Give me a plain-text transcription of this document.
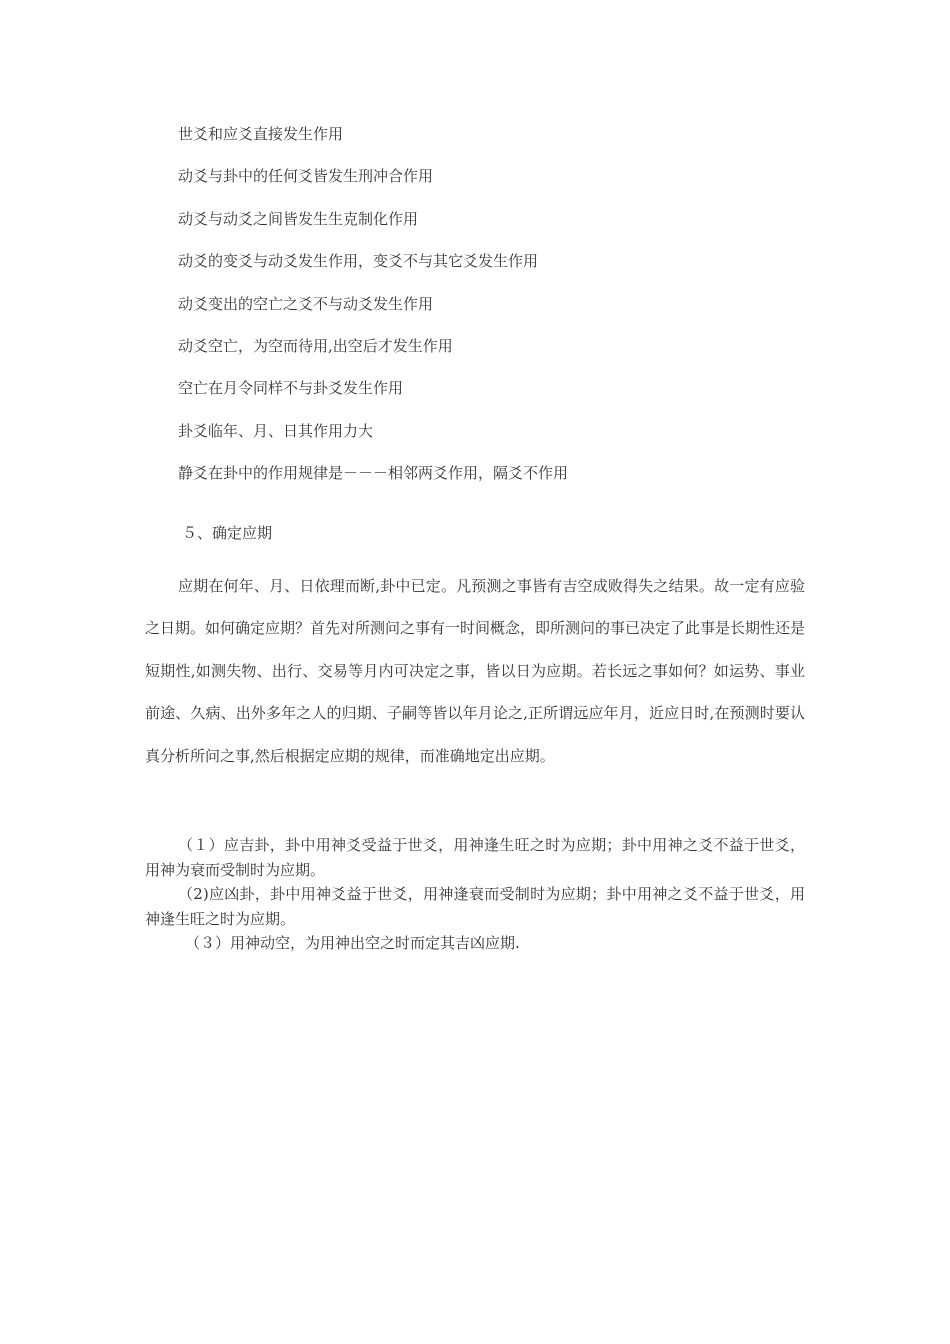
世爻和应爻直接发生作用
动爻与卦中的任何爻皆发生刑冲合作用
动爻与动爻之间皆发生生克制化作用
动爻的变爻与动爻发生作用，变爻不与其它爻发生作用
动爻变出的空亡之爻不与动爻发生作用
动爻空亡，为空而待用,出空后才发生作用
空亡在月令同样不与卦爻发生作用
卦爻临年、月、日其作用力大
静爻在卦中的作用规律是－－－相邻两爻作用，隔爻不作用
５、确定应期
应期在何年、月、日依理而断,卦中已定。凡预测之事皆有吉空成败得失之结果。故一定有应验之日期。如何确定应期？首先对所测问之事有一时间概念，即所测问的事已决定了此事是长期性还是短期性,如测失物、出行、交易等月内可决定之事，皆以日为应期。若长远之事如何？如运势、事业前途、久病、出外多年之人的归期、子嗣等皆以年月论之,正所谓远应年月，近应日时,在预测时要认真分析所问之事,然后根据定应期的规律，而准确地定出应期。
（１）应吉卦，卦中用神爻受益于世爻，用神逢生旺之时为应期；卦中用神之爻不益于世爻，用神为衰而受制时为应期。
（2)应凶卦，卦中用神爻益于世爻，用神逢衰而受制时为应期；卦中用神之爻不益于世爻，用神逢生旺之时为应期。
（３）用神动空，为用神出空之时而定其吉凶应期.
